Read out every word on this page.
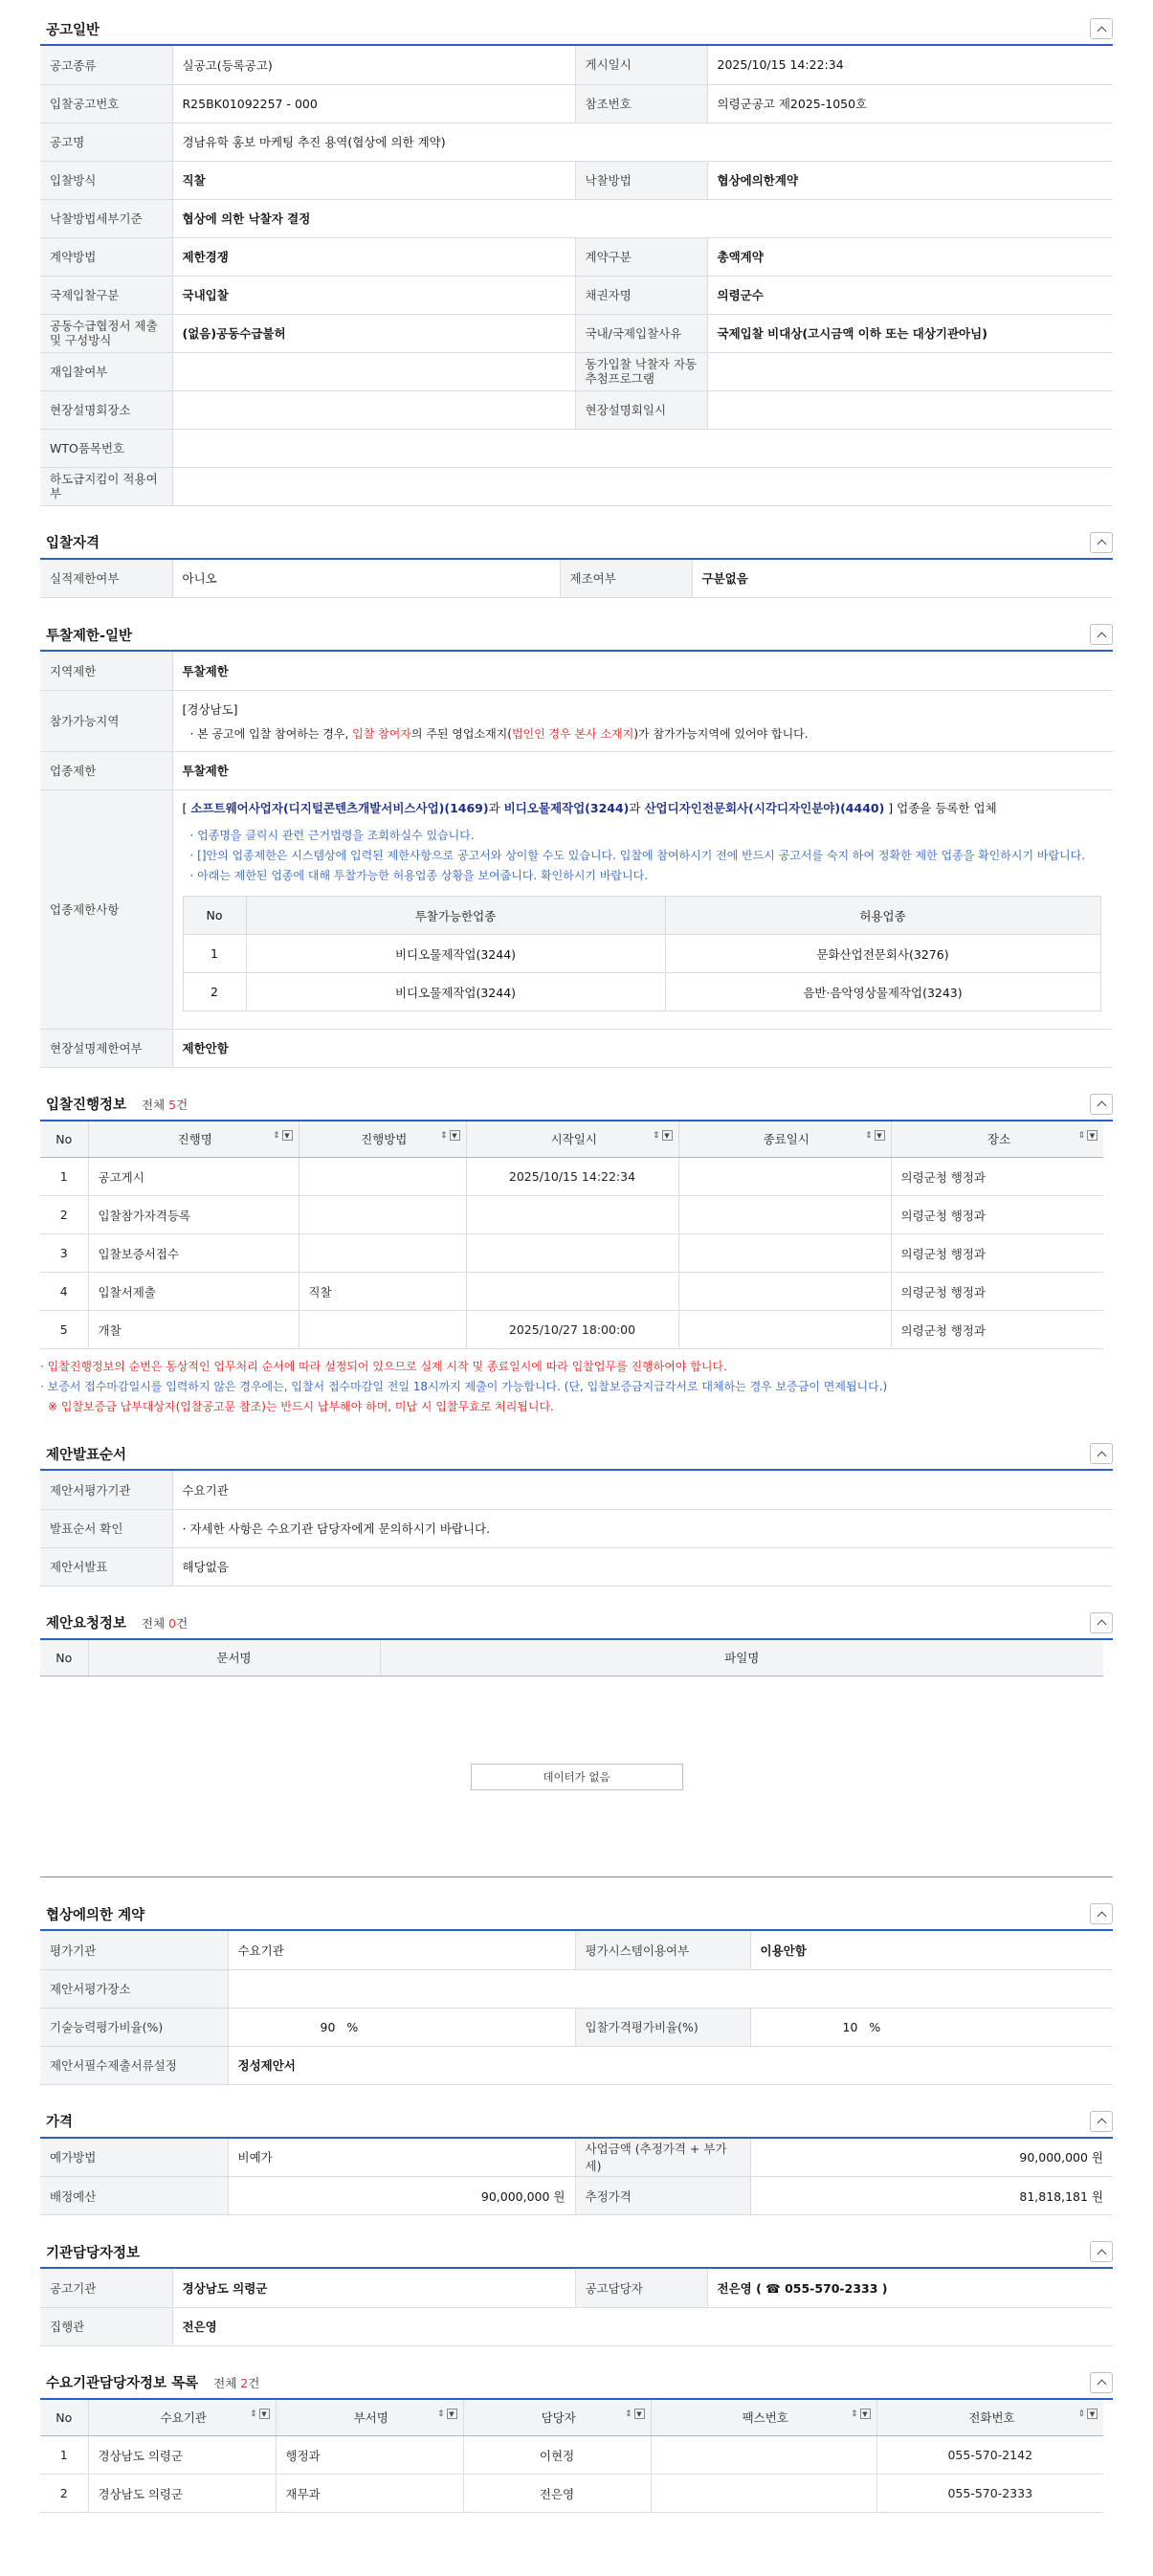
공고일반
공고종류	실공고(등록공고)	게시일시	2025/10/15 14:22:34
입찰공고번호	R25BK01092257 - 000	참조번호	의령군공고 제2025-1050호
공고명	경남유학 홍보 마케팅 추진 용역(협상에 의한 계약)		
입찰방식	직찰	낙찰방법	협상에의한계약
낙찰방법세부기준	협상에 의한 낙찰자 결정		
계약방법	제한경쟁	계약구분	총액계약
국제입찰구분	국내입찰	채권자명	의령군수
공동수급협정서 제출 및 구성방식	(없음)공동수급불허	국내/국제입찰사유	국제입찰 비대상(고시금액 이하 또는 대상기관아님)
재입찰여부		동가입찰 낙찰자 자동추첨프로그램	
현장설명회장소		현장설명회일시	
WTO품목번호			
하도급지킴이 적용여부			
입찰자격
실적제한여부	아니오	제조여부	구분없음
투찰제한-일반
지역제한	투찰제한
참가가능지역	
[경상남도]
· 본 공고에 입찰 참여하는 경우, 입찰 참여자의 주된 영업소재지(법인인 경우 본사 소재지)가 참가가능지역에 있어야 합니다.

업종제한	투찰제한
업종제한사항	
[ 소프트웨어사업자(디지털콘텐츠개발서비스사업)(1469)과 비디오물제작업(3244)과 산업디자인전문회사(시각디자인분야)(4440) ] 업종을 등록한 업체
· 업종명을 클릭시 관련 근거법령을 조회하실수 있습니다.
· []안의 업종제한은 시스템상에 입력된 제한사항으로 공고서와 상이할 수도 있습니다. 입찰에 참여하시기 전에 반드시 공고서를 숙지 하여 정확한 제한 업종을 확인하시기 바랍니다.
· 아래는 제한된 업종에 대해 투찰가능한 허용업종 상황을 보여줍니다. 확인하시기 바랍니다.
No	투찰가능한업종	허용업종
1	비디오물제작업(3244)	문화산업전문회사(3276)
2	비디오물제작업(3244)	음반·음악영상물제작업(3243)

현장설명제한여부	제한안함
입찰진행정보 전체 5건
No	진행명 ⇕ ▼	진행방법 ⇕ ▼	시작일시 ⇕ ▼	종료일시 ⇕ ▼	장소 ⇕ ▼

1	공고게시		2025/10/15 14:22:34		의령군청 행정과
2	입찰참가자격등록				의령군청 행정과
3	입찰보증서접수				의령군청 행정과
4	입찰서제출	직찰			의령군청 행정과
5	개찰		2025/10/27 18:00:00		의령군청 행정과
· 입찰진행정보의 순번은 동상적인 업무처리 순서에 따라 설정되어 있으므로 실제 시작 및 종료일시에 따라 입찰업무를 진행하여야 합니다.
· 보증서 접수마감일시를 입력하지 않은 경우에는, 입찰서 접수마감일 전일 18시까지 제출이 가능합니다. (단, 입찰보증금지급각서로 대체하는 경우 보증금이 면제됩니다.)
※ 입찰보증금 납부대상자(입찰공고문 참조)는 반드시 납부해야 하며, 미납 시 입찰무효로 처리됩니다.
제안발표순서
제안서평가기관	수요기관
발표순서 확인	· 자세한 사항은 수요기관 담당자에게 문의하시기 바랍니다.
제안서발표	해당없음
제안요청정보 전체 0건
No	문서명	파일명
데이터가 없음
협상에의한 계약
평가기관	수요기관	평가시스템이용여부	이용안함
제안서평가장소			
기술능력평가비율(%)	90 %	입찰가격평가비율(%)	10 %
제안서필수제출서류설정	정성제안서		
가격
예가방법	비예가	사업금액 (추정가격 + 부가세)	90,000,000 원
배정예산	90,000,000 원	추정가격	81,818,181 원
기관담당자정보
공고기관	경상남도 의령군	공고담당자	전은영 ( ☎ 055-570-2333 )
집행관	전은영		
수요기관담당자정보 목록 전체 2건
No	수요기관 ⇕ ▼	부서명 ⇕ ▼	담당자 ⇕ ▼	팩스번호 ⇕ ▼	전화번호 ⇕ ▼

1	경상남도 의령군	행정과	이현정		055-570-2142
2	경상남도 의령군	재무과	전은영		055-570-2333
